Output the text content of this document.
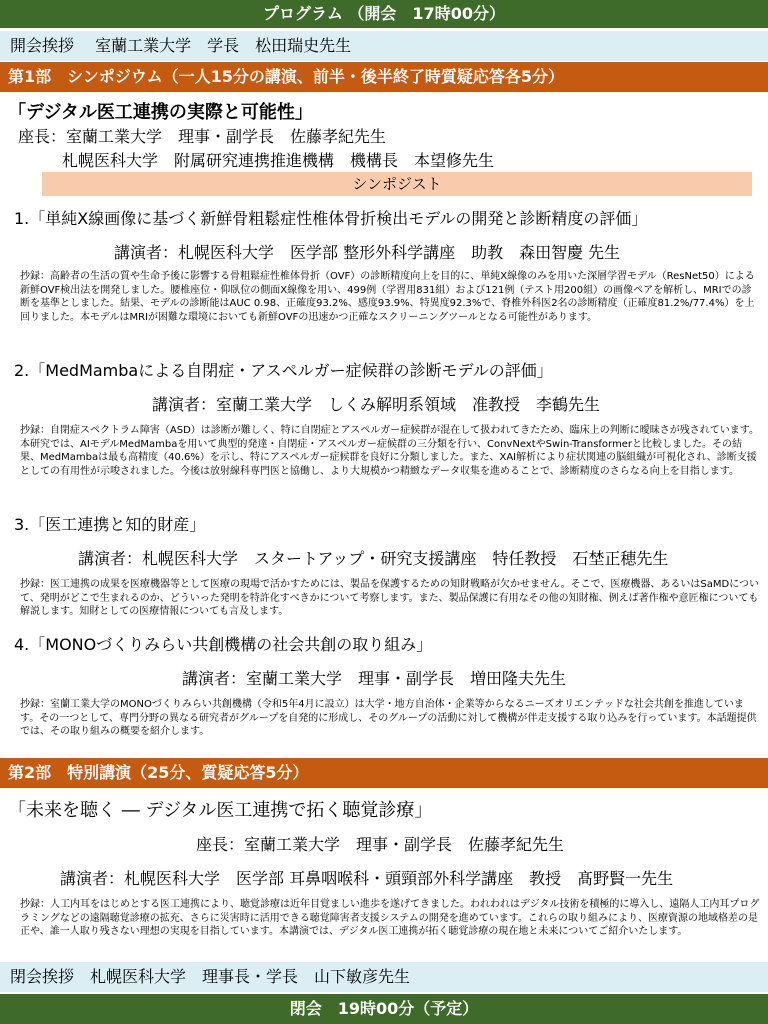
プログラム （開会　17時00分）
開会挨拶　 室蘭工業大学　学長　松田瑞史先生
第1部　シンポジウム（一人15分の講演、前半・後半終了時質疑応答各5分）
「デジタル医工連携の実際と可能性」
座長：室蘭工業大学　理事・副学長　佐藤孝紀先生
札幌医科大学　附属研究連携推進機構　機構長　本望修先生
シンポジスト
1.「単純X線画像に基づく新鮮骨粗鬆症性椎体骨折検出モデルの開発と診断精度の評価」
講演者：札幌医科大学　医学部 整形外科学講座　助教　森田智慶 先生
抄録：高齢者の生活の質や生命予後に影響する骨粗鬆症性椎体骨折（OVF）の診断精度向上を目的に、単純X線像のみを用いた深層学習モデル（ResNet50）による新鮮OVF検出法を開発しました。腰椎座位・仰臥位の側面X線像を用い、499例（学習用831組）および121例（テスト用200組）の画像ペアを解析し、MRIでの診断を基準としました。結果、モデルの診断能はAUC 0.98、正確度93.2%、感度93.9%、特異度92.3%で、脊椎外科医2名の診断精度（正確度81.2%/77.4%）を上回りました。本モデルはMRIが困難な環境においても新鮮OVFの迅速かつ正確なスクリーニングツールとなる可能性があります。
2.「MedMambaによる自閉症・アスペルガー症候群の診断モデルの評価」
講演者：室蘭工業大学　しくみ解明系領域　准教授　李鶴先生
抄録：自閉症スペクトラム障害（ASD）は診断が難しく、特に自閉症とアスペルガー症候群が混在して扱われてきたため、臨床上の判断に曖昧さが残されています。本研究では、AIモデルMedMambaを用いて典型的発達・自閉症・アスペルガー症候群の三分類を行い、ConvNextやSwin-Transformerと比較しました。その結果、MedMambaは最も高精度（40.6%）を示し、特にアスペルガー症候群を良好に分類しました。また、XAI解析により症状関連の脳組織が可視化され、診断支援としての有用性が示唆されました。今後は放射線科専門医と協働し、より大規模かつ精緻なデータ収集を進めることで、診断精度のさらなる向上を目指します。
3.「医工連携と知的財産」
講演者：札幌医科大学　スタートアップ・研究支援講座　特任教授　石埜正穂先生
抄録：医工連携の成果を医療機器等として医療の現場で活かすためには、製品を保護するための知財戦略が欠かせません。そこで、医療機器、あるいはSaMDについて、発明がどこで生まれるのか、どういった発明を特許化すべきかについて考察します。また、製品保護に有用なその他の知財権、例えば著作権や意匠権についても解説します。知財としての医療情報についても言及します。
4.「MONOづくりみらい共創機構の社会共創の取り組み」
講演者：室蘭工業大学　理事・副学長　増田隆夫先生
抄録：室蘭工業大学のMONOづくりみらい共創機構（令和5年4月に設立）は大学・地方自治体・企業等からなるニーズオリエンテッドな社会共創を推進しています。その一つとして、専門分野の異なる研究者がグループを自発的に形成し、そのグループの活動に対して機構が伴走支援する取り込みを行っています。本話題提供では、その取り組みの概要を紹介します。
第2部　特別講演（25分、質疑応答5分）
「未来を聴く ― デジタル医工連携で拓く聴覚診療」
座長：室蘭工業大学　理事・副学長　佐藤孝紀先生
講演者：札幌医科大学　医学部 耳鼻咽喉科・頭頸部外科学講座　教授　髙野賢一先生
抄録：人工内耳をはじめとする医工連携により、聴覚診療は近年目覚ましい進歩を遂げてきました。われわれはデジタル技術を積極的に導入し、遠隔人工内耳プログラミングなどの遠隔聴覚診療の拡充、さらに災害時に活用できる聴覚障害者支援システムの開発を進めています。これらの取り組みにより、医療資源の地域格差の是正や、誰一人取り残さない理想の実現を目指しています。本講演では、デジタル医工連携が拓く聴覚診療の現在地と未来についてご紹介いたします。
閉会挨拶　札幌医科大学　理事長・学長　山下敏彦先生
閉会　19時00分（予定）
